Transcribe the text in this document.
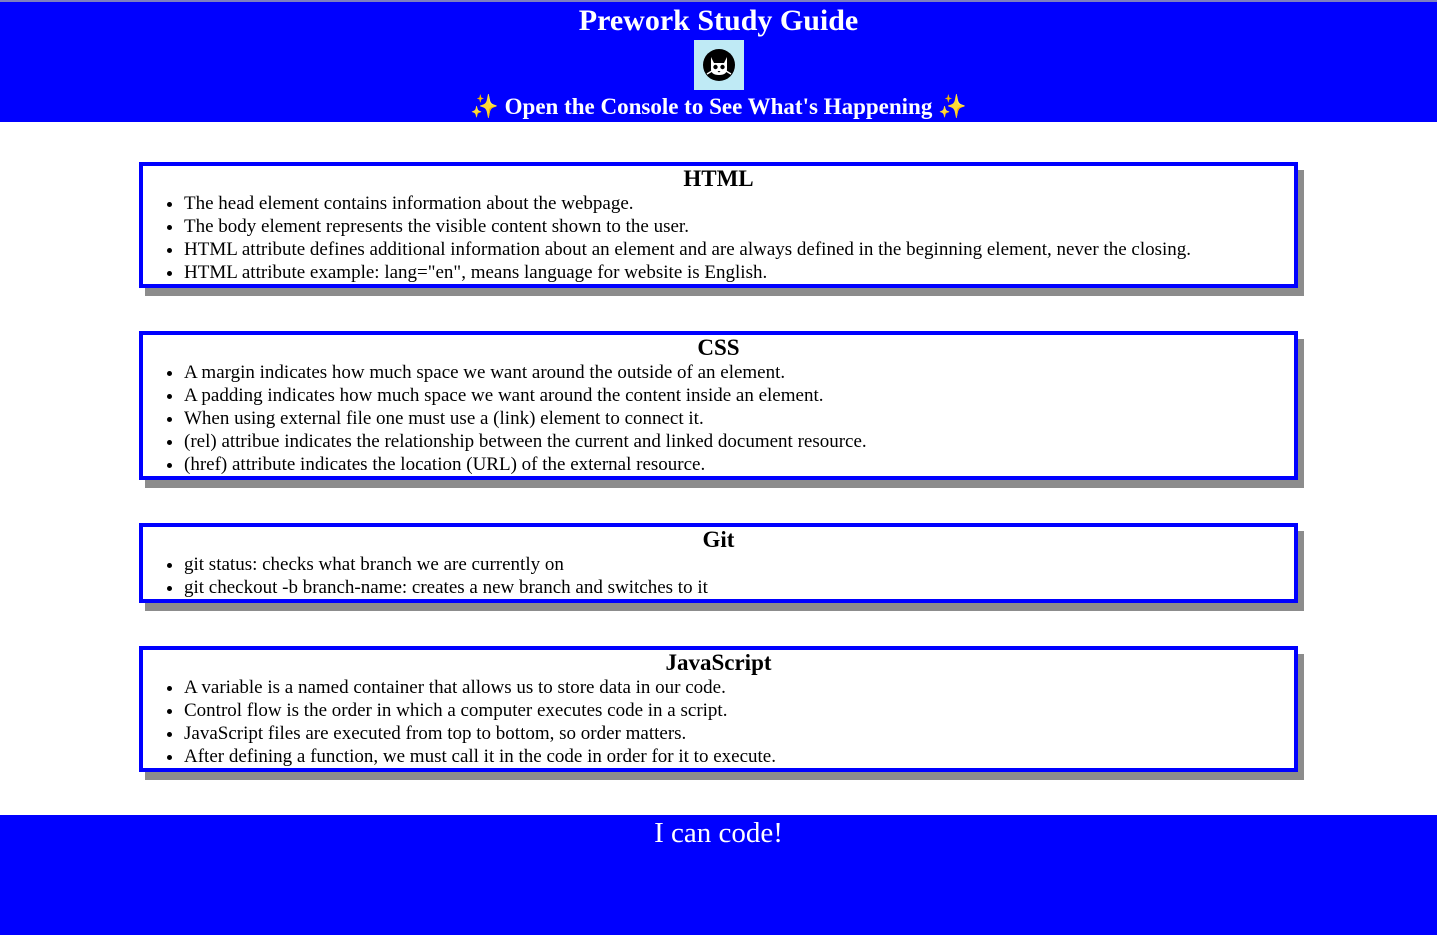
Prework Study Guide
✨ Open the Console to See What's Happening ✨
HTML
• The head element contains information about the webpage.
• The body element represents the visible content shown to the user.
• HTML attribute defines additional information about an element and are always defined in the beginning element, never the closing.
• HTML attribute example: lang="en", means language for website is English.
CSS
• A margin indicates how much space we want around the outside of an element.
• A padding indicates how much space we want around the content inside an element.
• When using external file one must use a (link) element to connect it.
• (rel) attribue indicates the relationship between the current and linked document resource.
• (href) attribute indicates the location (URL) of the external resource.
Git
• git status: checks what branch we are currently on
• git checkout -b branch-name: creates a new branch and switches to it
JavaScript
• A variable is a named container that allows us to store data in our code.
• Control flow is the order in which a computer executes code in a script.
• JavaScript files are executed from top to bottom, so order matters.
• After defining a function, we must call it in the code in order for it to execute.
I can code!
